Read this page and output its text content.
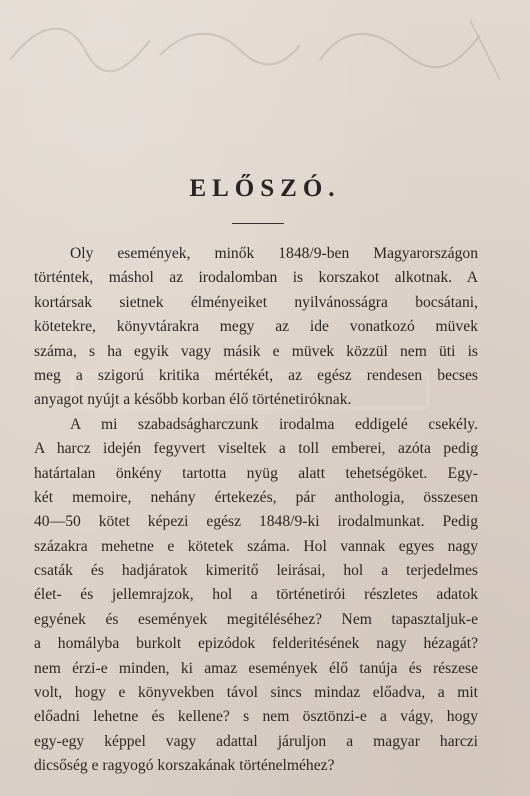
ELŐSZÓ.
Oly események, minők 1848/9-ben Magyarországon
történtek, máshol az irodalomban is korszakot alkotnak. A
kortársak sietnek élményeiket nyilvánosságra bocsátani,
kötetekre, könyvtárakra megy az ide vonatkozó müvek
száma, s ha egyik vagy másik e müvek közzül nem üti is
meg a szigorú kritika mértékét, az egész rendesen becses
anyagot nyújt a később korban élő történetiróknak.
A mi szabadságharczunk irodalma eddigelé csekély.
A harcz idején fegyvert viseltek a toll emberei, azóta pedig
határtalan önkény tartotta nyüg alatt tehetségöket. Egy-
két memoire, nehány értekezés, pár anthologia, összesen
40—50 kötet képezi egész 1848/9-ki irodalmunkat. Pedig
százakra mehetne e kötetek száma. Hol vannak egyes nagy
csaták és hadjáratok kimeritő leirásai, hol a terjedelmes
élet- és jellemrajzok, hol a történetirói részletes adatok
egyének és események megitéléséhez? Nem tapasztaljuk-e
a homályba burkolt epizódok felderitésének nagy hézagát?
nem érzi-e minden, ki amaz események élő tanúja és részese
volt, hogy e könyvekben távol sincs mindaz előadva, a mit
előadni lehetne és kellene? s nem ösztönzi-e a vágy, hogy
egy-egy képpel vagy adattal járuljon a magyar harczi
dicsőség e ragyogó korszakának történelméhez?
